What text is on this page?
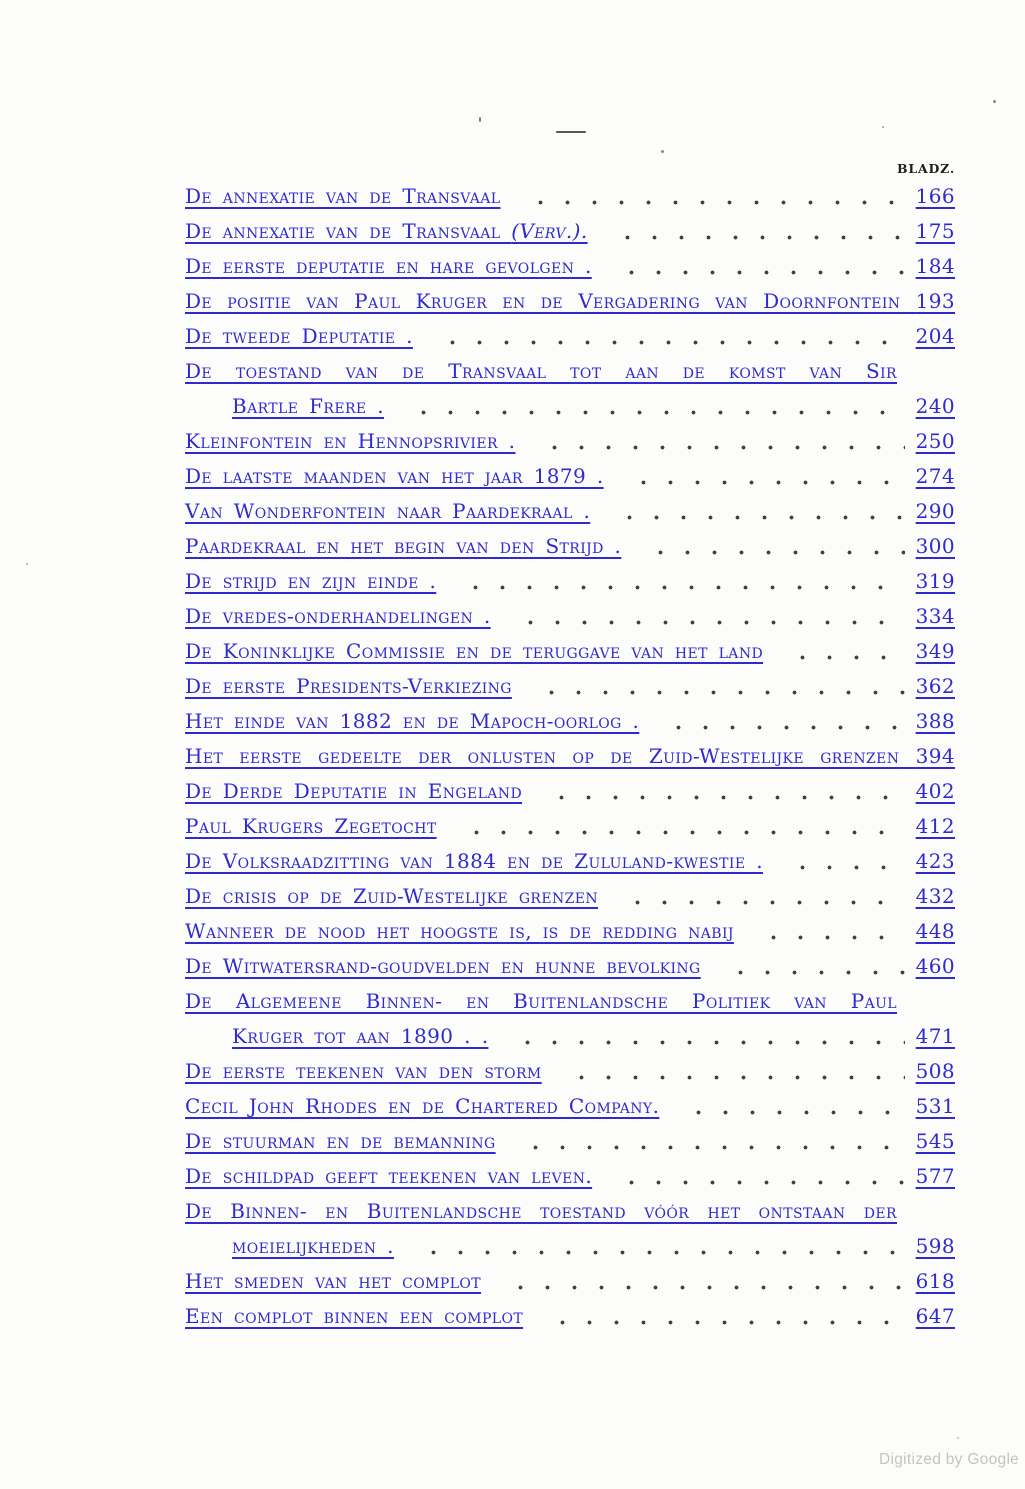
BLADZ.
De annexatie van de Transvaal	166
De annexatie van de Transvaal (Verv.).	175
De eerste deputatie en hare gevolgen .	184
De positie van Paul Kruger en de Vergadering van Doornfontein 193
De tweede Deputatie .	204
De toestand van de Transvaal tot aan de komst van Sir
Bartle Frere .	240
Kleinfontein en Hennopsrivier .	250
De laatste maanden van het jaar 1879 .	274
Van Wonderfontein naar Paardekraal .	290
Paardekraal en het begin van den Strijd .	300
De strijd en zijn einde .	319
De vredes-onderhandelingen .	334
De Koninklijke Commissie en de teruggave van het land	349
De eerste Presidents-Verkiezing	362
Het einde van 1882 en de Mapoch-oorlog .	388
Het eerste gedeelte der onlusten op de Zuid-Westelijke grenzen 394
De Derde Deputatie in Engeland	402
Paul Krugers Zegetocht	412
De Volksraadzitting van 1884 en de Zululand-kwestie .	423
De crisis op de Zuid-Westelijke grenzen	432
Wanneer de nood het hoogste is, is de redding nabij	448
De Witwatersrand-goudvelden en hunne bevolking	460
De Algemeene Binnen- en Buitenlandsche Politiek van Paul
Kruger tot aan 1890 . .	471
De eerste teekenen van den storm	508
Cecil John Rhodes en de Chartered Company.	531
De stuurman en de bemanning	545
De schildpad geeft teekenen van leven.	577
De Binnen- en Buitenlandsche toestand vóór het ontstaan der
moeielijkheden .	598
Het smeden van het complot	618
Een complot binnen een complot	647
Digitized by Google
